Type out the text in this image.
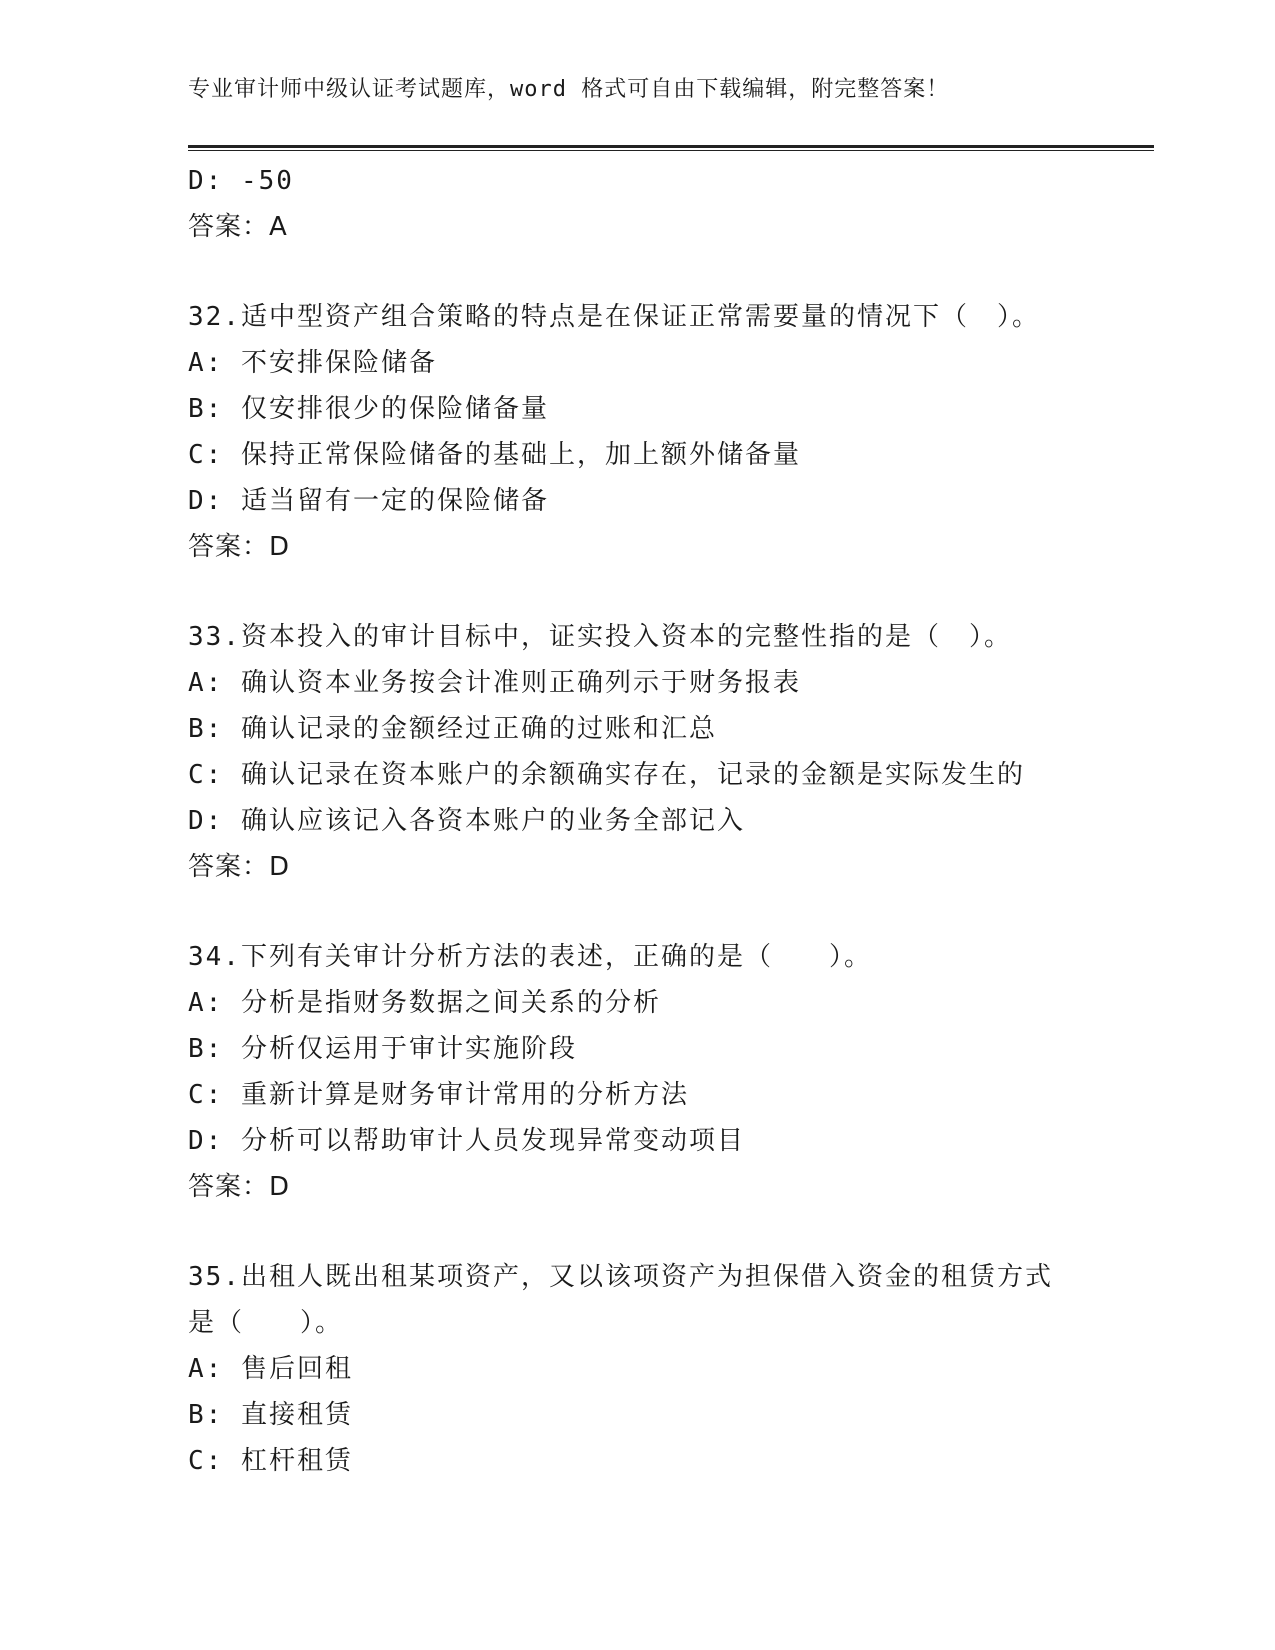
专业审计师中级认证考试题库，word 格式可自由下载编辑，附完整答案！
D: -50
答案：A
32.适中型资产组合策略的特点是在保证正常需要量的情况下（　）。
A: 不安排保险储备
B: 仅安排很少的保险储备量
C: 保持正常保险储备的基础上，加上额外储备量
D: 适当留有一定的保险储备
答案：D
33.资本投入的审计目标中，证实投入资本的完整性指的是（　）。
A: 确认资本业务按会计准则正确列示于财务报表
B: 确认记录的金额经过正确的过账和汇总
C: 确认记录在资本账户的余额确实存在，记录的金额是实际发生的
D: 确认应该记入各资本账户的业务全部记入
答案：D
34.下列有关审计分析方法的表述，正确的是（　　）。
A: 分析是指财务数据之间关系的分析
B: 分析仅运用于审计实施阶段
C: 重新计算是财务审计常用的分析方法
D: 分析可以帮助审计人员发现异常变动项目
答案：D
35.出租人既出租某项资产，又以该项资产为担保借入资金的租赁方式
是（　　）。
A: 售后回租
B: 直接租赁
C: 杠杆租赁
